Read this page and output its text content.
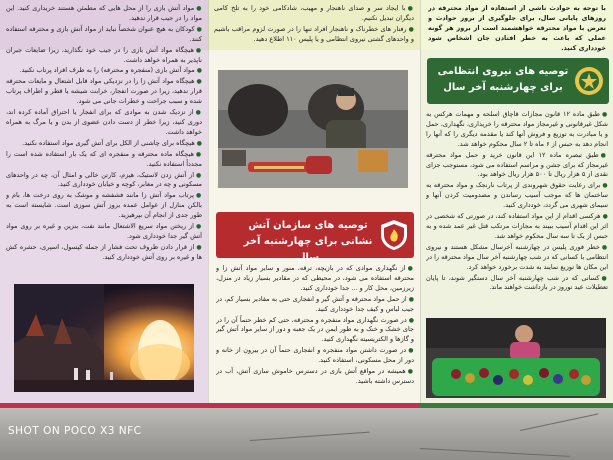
●مواد آتش بازی را از محل هایی که مطمئن هستند خریداری کنید. این مواد را در جیب قرار ندهید.

●کودکان به هیچ عنوان شخصاً نباید از مواد آتش بازی و محترقه استفاده کنند.

●هیچگاه مواد آتش بازی را در جیب خود نگذارید، زیرا ضایعات جبران ناپذیر به همراه خواهد داشت.

●مواد آتش بازی (منفجره و محترقه) را به طرف افراد پرتاب نکنید.

●هیچگاه مواد آتش زا را در نزدیکی مواد قابل اشتعال و مایعات محترقه قرار ندهید، زیرا در صورت انفجار، خرابت شیشه یا قطر و اطراف پرتاب شده و سبب جراحت و خطرات جانی می شود.

●از نزدیک شدن به موادی که برای انفجار یا احتراق آماده کرده اند، دوری کنید، زیرا خطر از دست دادن عضوی از بدن و یا مرگ به همراه خواهد داشت.

●هیچگاه برای چاشنی از الکل برای آتش گیری مواد استفاده نکنید.

●هیچگاه ماده محترقه و منفجره ای که یک بار استفاده شده است را مجدداً استفاده نکنید.

●از آتش زدن لاستیک، هیزم، کارتن خالی و امثال آن، چه در واحدهای مسکونی و چه در معابر، کوچه و خیابان خودداری کنید.

●پرتاب مواد آتش زا مانند فشفشه و موشک به روی درخت ها، بام و بالکن منازل از عوامل عمده بروز آتش سوزی است. شایسته است به طور جدی از انجام آن بپرهیزید.

●از ریختن مواد سریع الاشتعال مانند نفت، بنزین و غیره بر روی مواد آتش گیر جدا خودداری شود.

●از قرار دادن ظروف تحت فشار از جمله کپسول، اسپری، حشره کش ها و غیره بر روی آتش خودداری کنید.

●با ایجاد سر و صدای ناهنجار و مهیب، شادکامی خود را به تلخ کامی دیگران تبدیل نکنیم.

●رفتار های خطرناک و ناهنجار افراد تنها را در صورت لزوم مراقب باشیم و واحدهای گشتی نیروی انتظامی و یا پلیس ۱۱۰ اطلاع دهید.

توصیه های سازمان آتش نشانی برای چهارشنبه آخر سال

●از نگهداری موادی که در بازیچه، ترقه، منور و سایر مواد آتش زا و محترقه استفاده می شود، در محیطی که در مقادیر بسیار زیاد در منزل، زیرزمین، محل کار و ... جدا خودداری کنید.

●از حمل مواد محترقه و آتش گیر و انفجاری حتی به مقادیر بسیار کم، در جیب لباس و کیف جدا خودداری کنید.

●در صورت نگهداری مواد منفجره و محترقه، حتی کم خطر حتماً آن را در جای خشک و خنک و به طور ایمن در یک جعبه و دور از سایر مواد آتش گیر و گازها و الکتریسیته نگهداری کنید.

●در صورت داشتن مواد منفجره و انفجاری حتماً آن در بیرون از خانه و دور از محل مسکونی، استفاده کنید.

●همیشه در مواقع آتش بازی در دسترس خاموش سازی آتش، آب در دسترس داشته باشید.

با توجه به حوادث ناشی از استفاده از مواد محترقه در روزهای پایانی سال، برای جلوگیری از بروز حوادث و تعرض با مواد محترقه خواهشمند است از بروز هر گونه عملی که باعث به خطر افتادن جان اشخاص شود خودداری کنید.

توصیه های نیروی انتظامی برای چهارشنبه آخر سال

●طبق ماده ۱۲ قانون مجازات قاچاق اسلحه و مهمات هرکس به شکل غیرقانونی و غیرمجاز مواد محترقه را خریداری، نگهداری، حمل و یا مبادرت به توزیع و فروش آنها کند یا مقدمه دیگری را که آنها را انجام دهد به حبس از ۶ ماه تا ۲ سال محکوم خواهد شد.

●طبق تبصره ماده ۱۲ این قانون خرید و حمل مواد محترقه غیرمجاز که برای جشن و مراسم استفاده می شود، مستوجب جزای نقدی از ۵ هزار ریال تا ۵۰۰ هزار ریال خواهد بود.

●برای رعایت حقوق شهروندی از پرتاب نارنجک و مواد محترقه به ساختمان ها که موجب آسیب رساندن و مصدومیت کردن آنها و سیمای شهری می گردد، خودداری کنید.

●هرکسی اقدام از این مواد استفاده کند، در صورتی که شخصی در اثر این اقدام آسیب ببیند به مجازات مرتکب قتل غیر عمد شده و به حبس از یک تا سه سال محکوم خواهد شد.

●خطر فوری پلیس در چهارشنبه آخرسال مشکل هستند و نیروی انتظامی با کسانی که در شب چهارشنبه آخر سال مواد محترقه را در این مکان ها توزیع نمایند به شدت برخورد خواهد کرد.

●کسانی که در شب چهارشنبه آخر سال دستگیر شوند، تا پایان تعطیلات عید نوروز در بازداشت خواهند ماند.

SHOT ON POCO X3 NFC
